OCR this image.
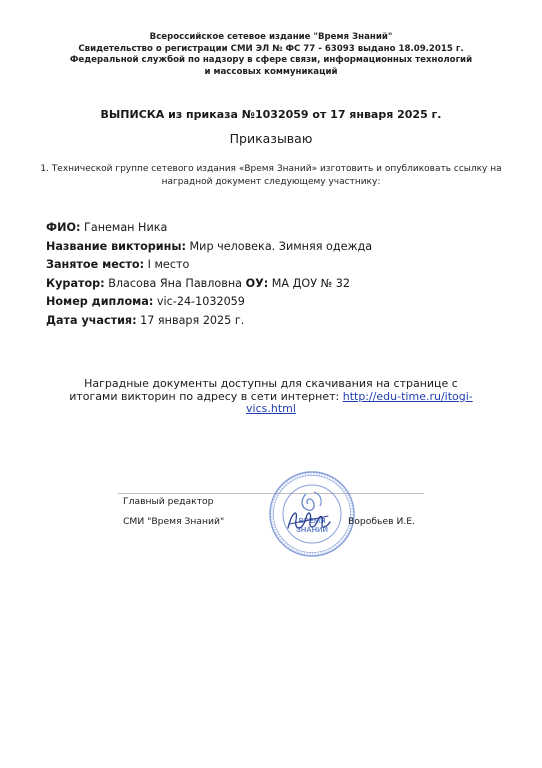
Всероссийское сетевое издание "Время Знаний"
Свидетельство о регистрации СМИ ЭЛ № ФС 77 - 63093 выдано 18.09.2015 г.
Федеральной службой по надзору в сфере связи, информационных технологий
и массовых коммуникаций
ВЫПИСКА из приказа №1032059 от 17 января 2025 г.
Приказываю
1. Технической группе сетевого издания «Время Знаний» изготовить и опубликовать ссылку на
наградной документ следующему участнику:
ФИО: Ганеман Ника
Название викторины: Мир человека. Зимняя одежда
Занятое место: I место
Куратор: Власова Яна Павловна ОУ: МА ДОУ № 32
Номер диплома: vic-24-1032059
Дата участия: 17 января 2025 г.
Наградные документы доступны для скачивания на странице с
итогами викторин по адресу в сети интернет: http://edu-time.ru/itogi-
vics.html
Главный редактор
СМИ "Время Знаний"	ВРЕМЯ
ЗНАНИЙ
Воробьев И.Е.
